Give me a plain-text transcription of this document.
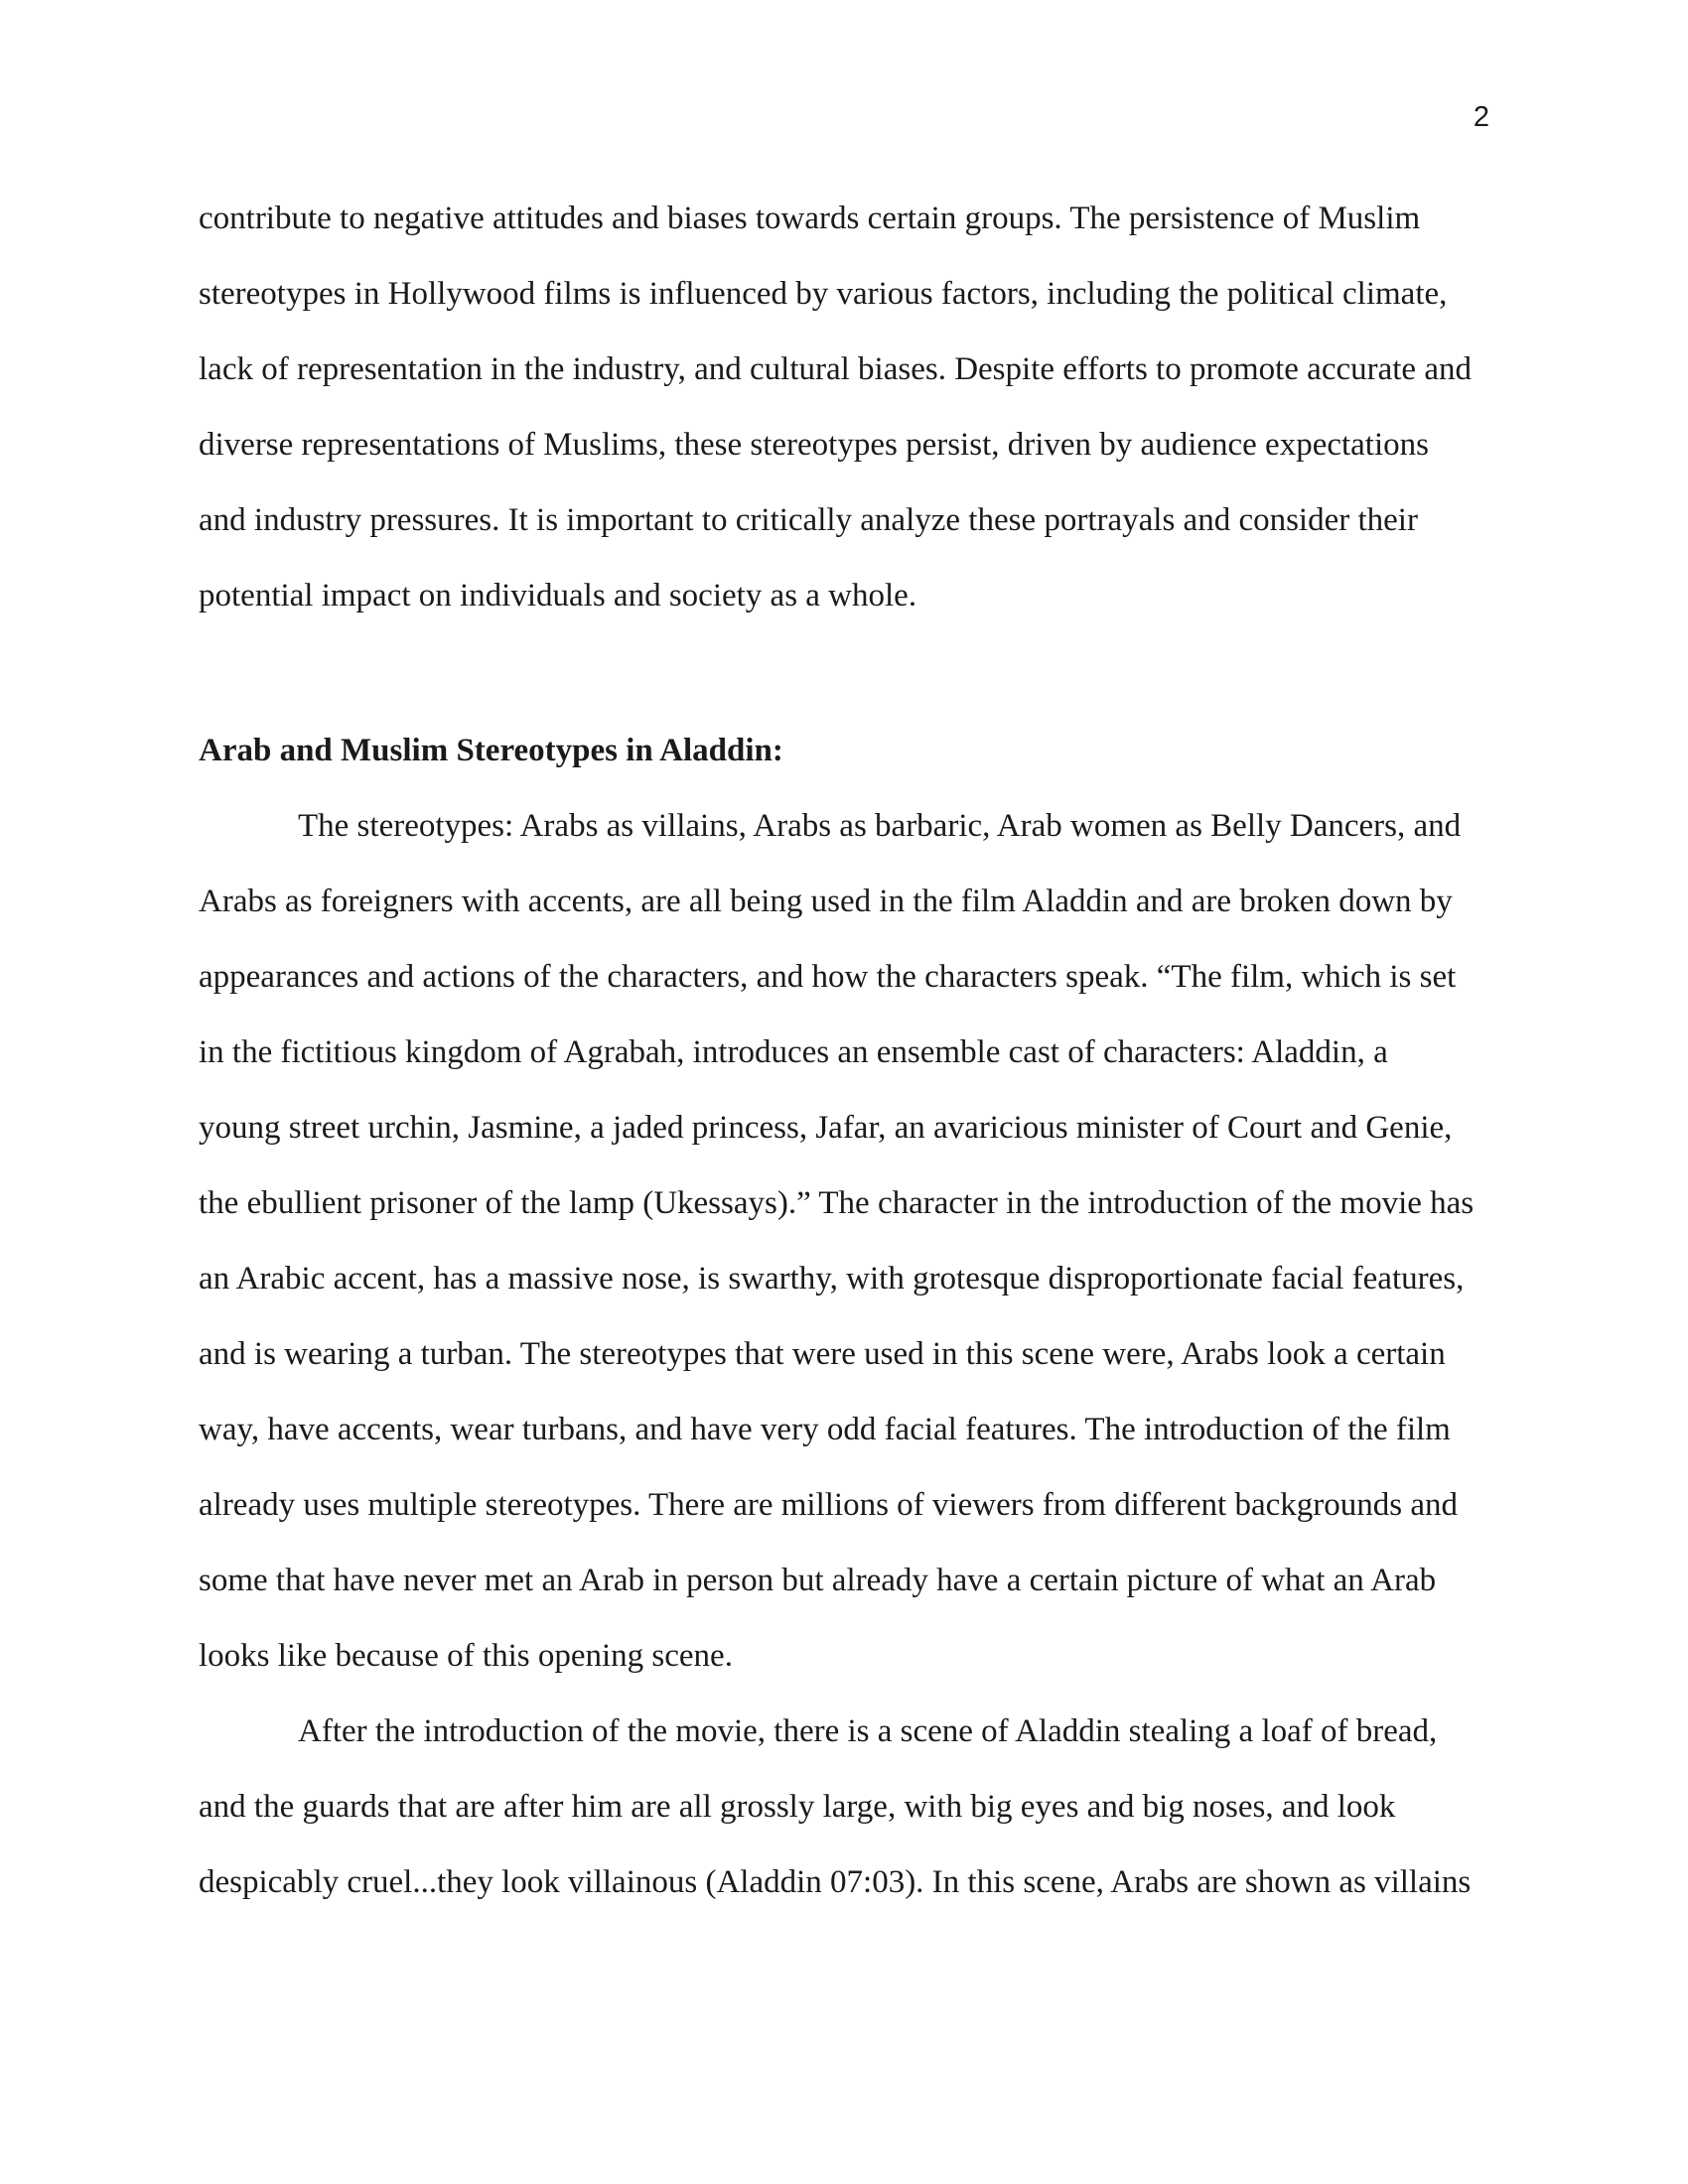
2
contribute to negative attitudes and biases towards certain groups. The persistence of Muslim
stereotypes in Hollywood films is influenced by various factors, including the political climate,
lack of representation in the industry, and cultural biases. Despite efforts to promote accurate and
diverse representations of Muslims, these stereotypes persist, driven by audience expectations
and industry pressures. It is important to critically analyze these portrayals and consider their
potential impact on individuals and society as a whole.
Arab and Muslim Stereotypes in Aladdin:
The stereotypes: Arabs as villains, Arabs as barbaric, Arab women as Belly Dancers, and
Arabs as foreigners with accents, are all being used in the film Aladdin and are broken down by
appearances and actions of the characters, and how the characters speak. “The film, which is set
in the fictitious kingdom of Agrabah, introduces an ensemble cast of characters: Aladdin, a
young street urchin, Jasmine, a jaded princess, Jafar, an avaricious minister of Court and Genie,
the ebullient prisoner of the lamp (Ukessays).” The character in the introduction of the movie has
an Arabic accent, has a massive nose, is swarthy, with grotesque disproportionate facial features,
and is wearing a turban. The stereotypes that were used in this scene were, Arabs look a certain
way, have accents, wear turbans, and have very odd facial features. The introduction of the film
already uses multiple stereotypes. There are millions of viewers from different backgrounds and
some that have never met an Arab in person but already have a certain picture of what an Arab
looks like because of this opening scene.
After the introduction of the movie, there is a scene of Aladdin stealing a loaf of bread,
and the guards that are after him are all grossly large, with big eyes and big noses, and look
despicably cruel...they look villainous (Aladdin 07:03). In this scene, Arabs are shown as villains
